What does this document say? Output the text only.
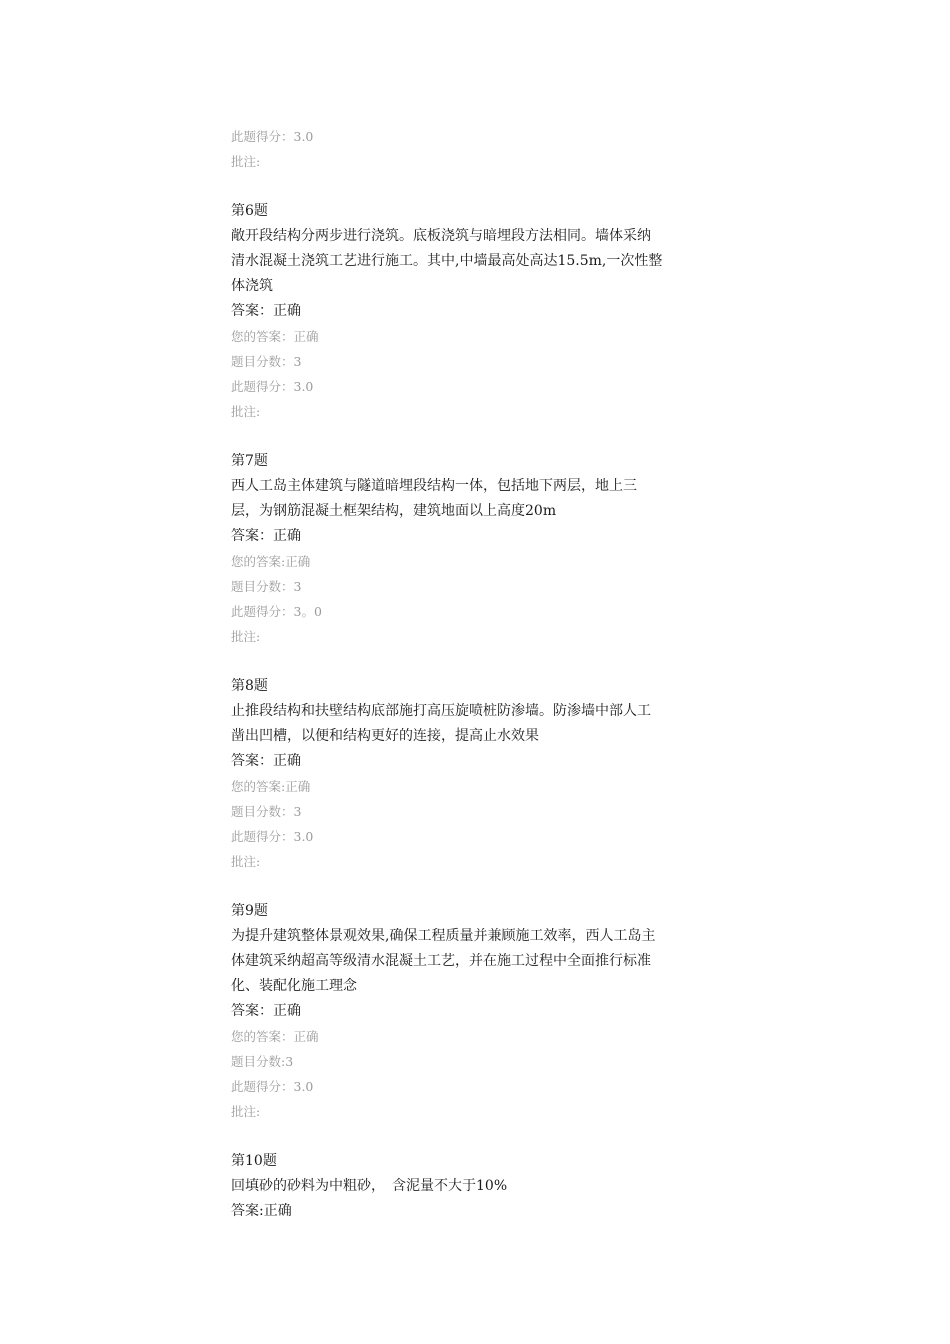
此题得分：3.0
批注:
第6题
敞开段结构分两步进行浇筑。底板浇筑与暗埋段方法相同。墙体采纳
清水混凝土浇筑工艺进行施工。其中,中墙最高处高达15.5m,一次性整
体浇筑
答案：正确
您的答案：正确
题目分数：3
此题得分：3.0
批注:
第7题
西人工岛主体建筑与隧道暗埋段结构一体，包括地下两层，地上三
层，为钢筋混凝土框架结构，建筑地面以上高度20m
答案：正确
您的答案:正确
题目分数：3
此题得分：3。0
批注:
第8题
止推段结构和扶壁结构底部施打高压旋喷桩防渗墙。防渗墙中部人工
凿出凹槽，以便和结构更好的连接，提高止水效果
答案：正确
您的答案:正确
题目分数：3
此题得分：3.0
批注:
第9题
为提升建筑整体景观效果,确保工程质量并兼顾施工效率，西人工岛主
体建筑采纳超高等级清水混凝土工艺，并在施工过程中全面推行标准
化、装配化施工理念
答案：正确
您的答案：正确
题目分数:3
此题得分：3.0
批注:
第10题
回填砂的砂料为中粗砂，　含泥量不大于10%
答案:正确
